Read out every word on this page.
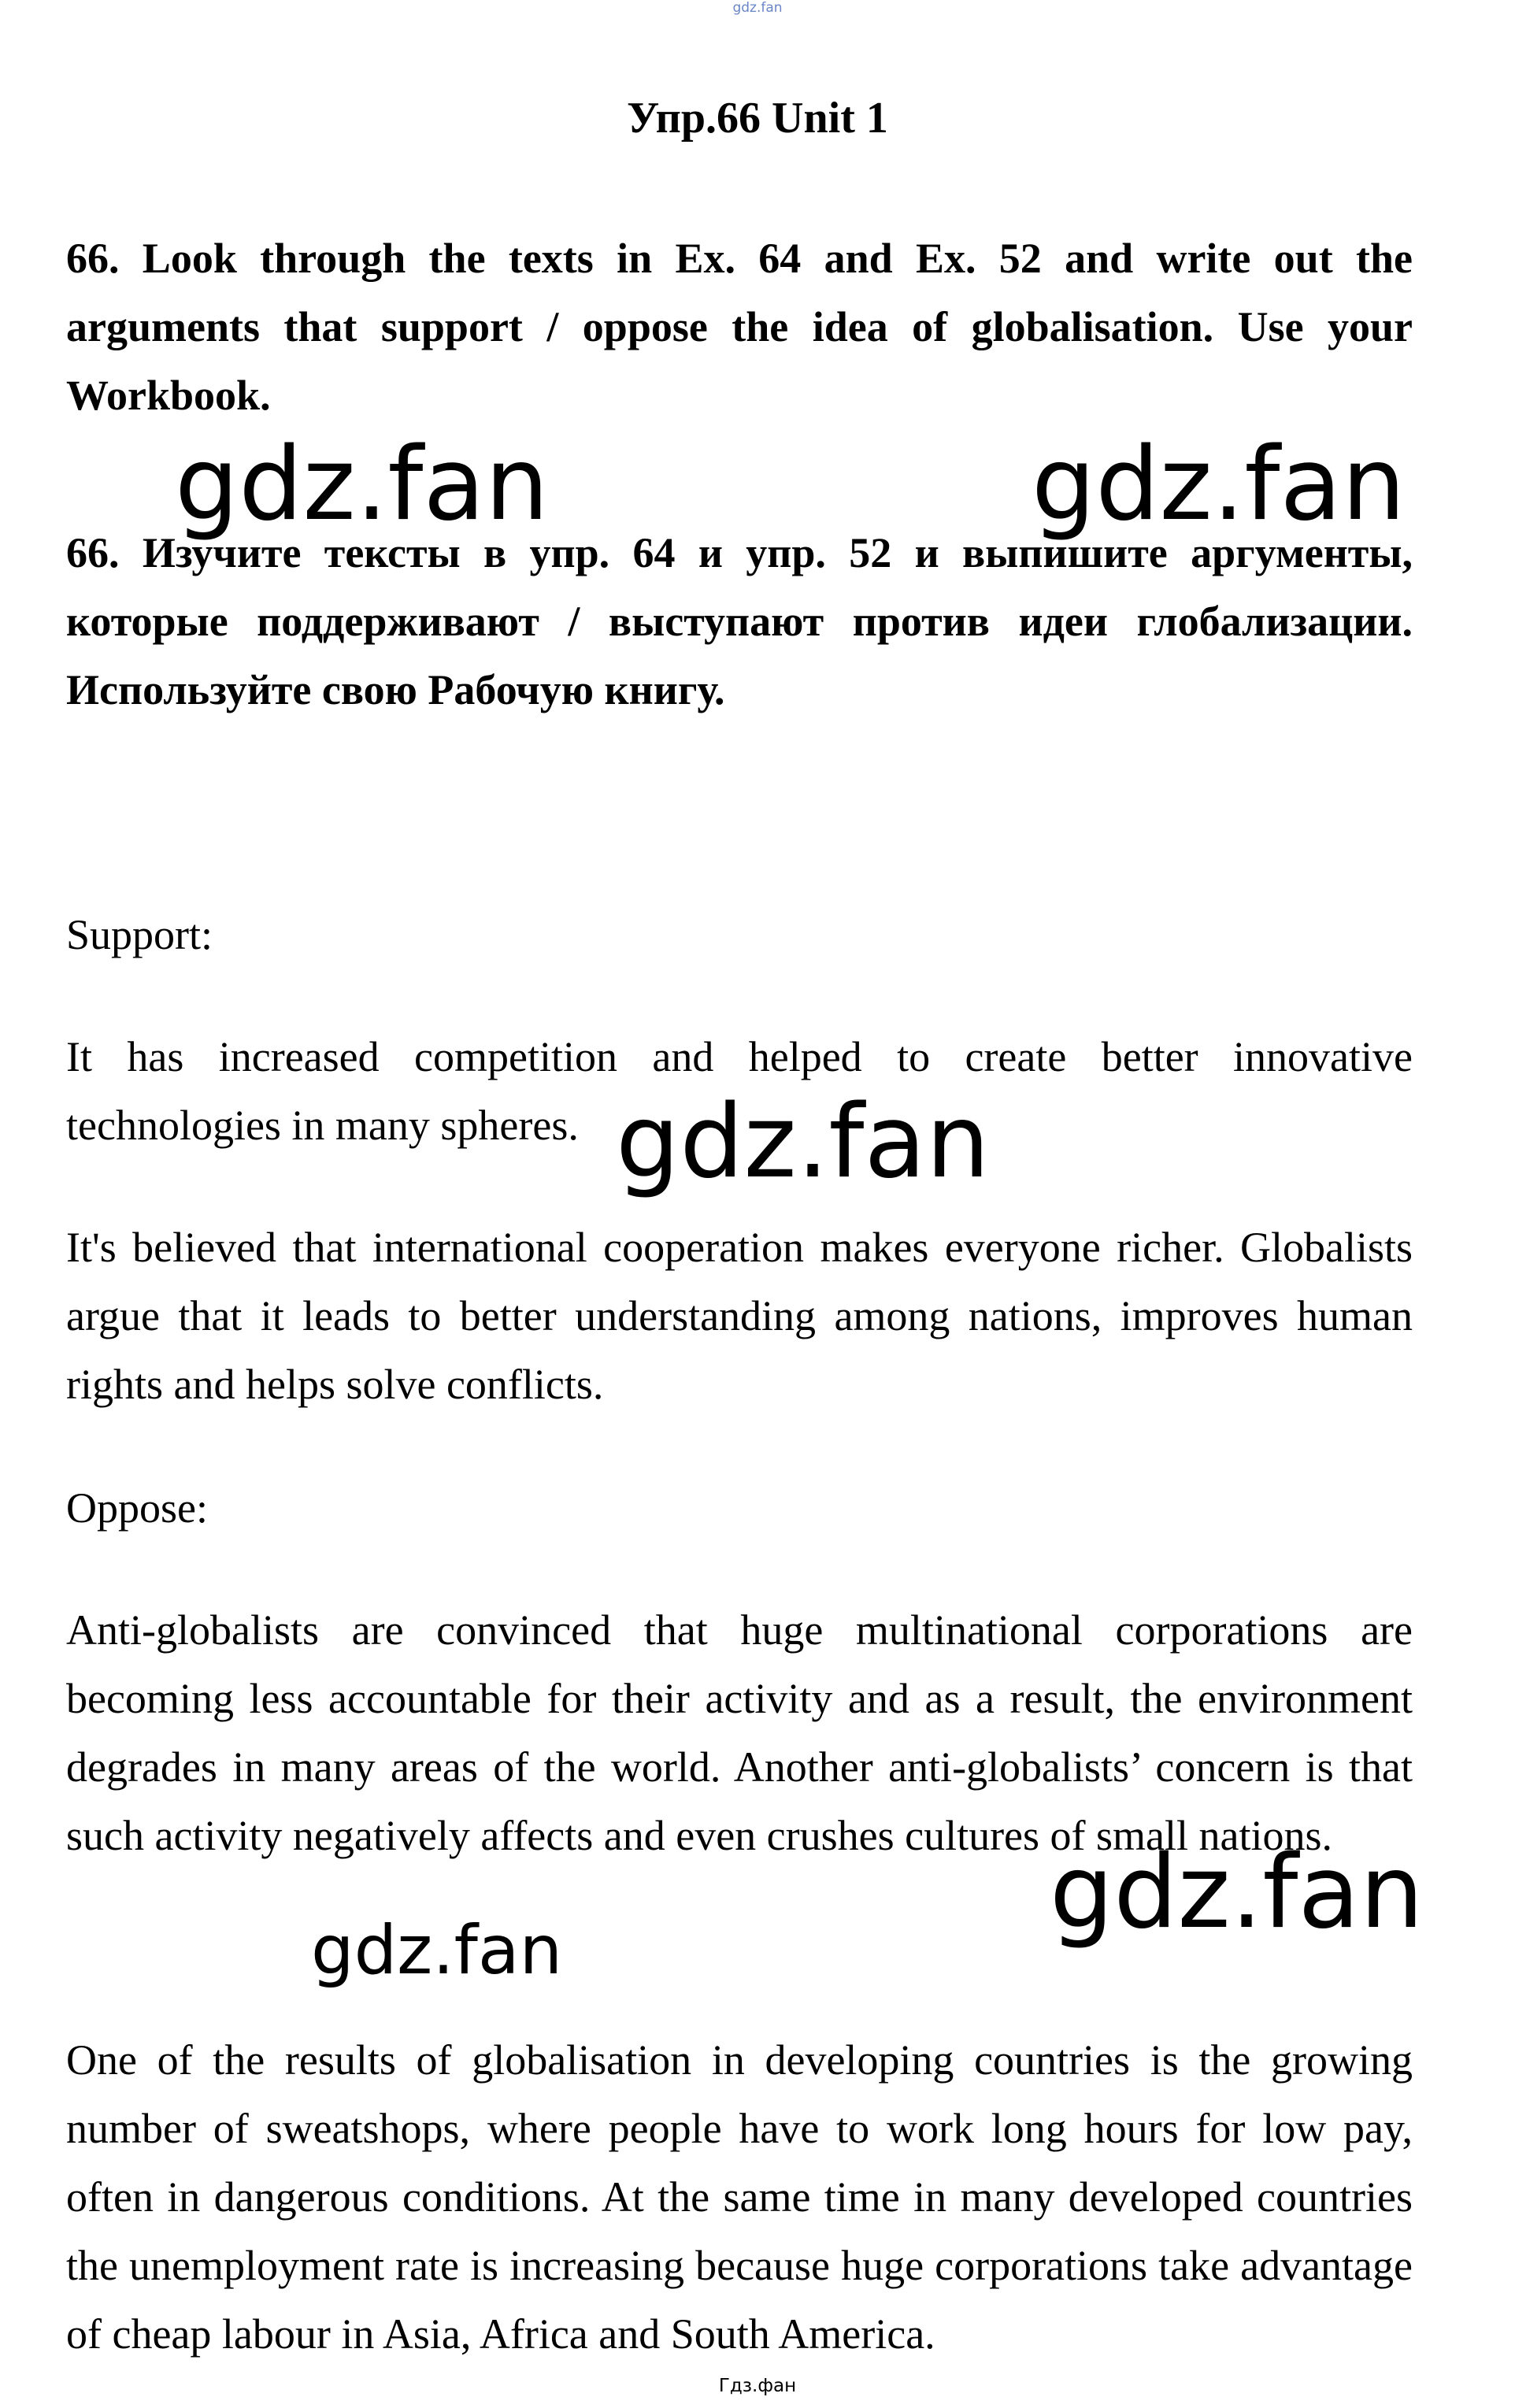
gdz.fan
Упр.66 Unit 1

66. Look through the texts in Ex. 64 and Ex. 52 and write out the arguments that support / oppose the idea of globalisation. Use your Workbook.

66. Изучите тексты в упр. 64 и упр. 52 и выпишите аргументы, которые поддерживают / выступают против идеи глобализации. Используйте свою Рабочую книгу.

Support:

It has increased competition and helped to create better innovative technologies in many spheres.

It's believed that international cooperation makes everyone richer. Globalists argue that it leads to better understanding among nations, improves human rights and helps solve conflicts.

Oppose:

Anti-globalists are convinced that huge multinational corporations are becoming less accountable for their activity and as a result, the environment degrades in many areas of the world. Another anti-globalists’ concern is that such activity negatively affects and even crushes cultures of small nations.

One of the results of globalisation in developing countries is the growing number of sweatshops, where people have to work long hours for low pay, often in dangerous conditions. At the same time in many developed countries the unemployment rate is increasing because huge corporations take advantage of cheap labour in Asia, Africa and South America.

gdz.fan	gdz.fan
gdz.fan
gdz.fan
gdz.fan
Гдз.фан
